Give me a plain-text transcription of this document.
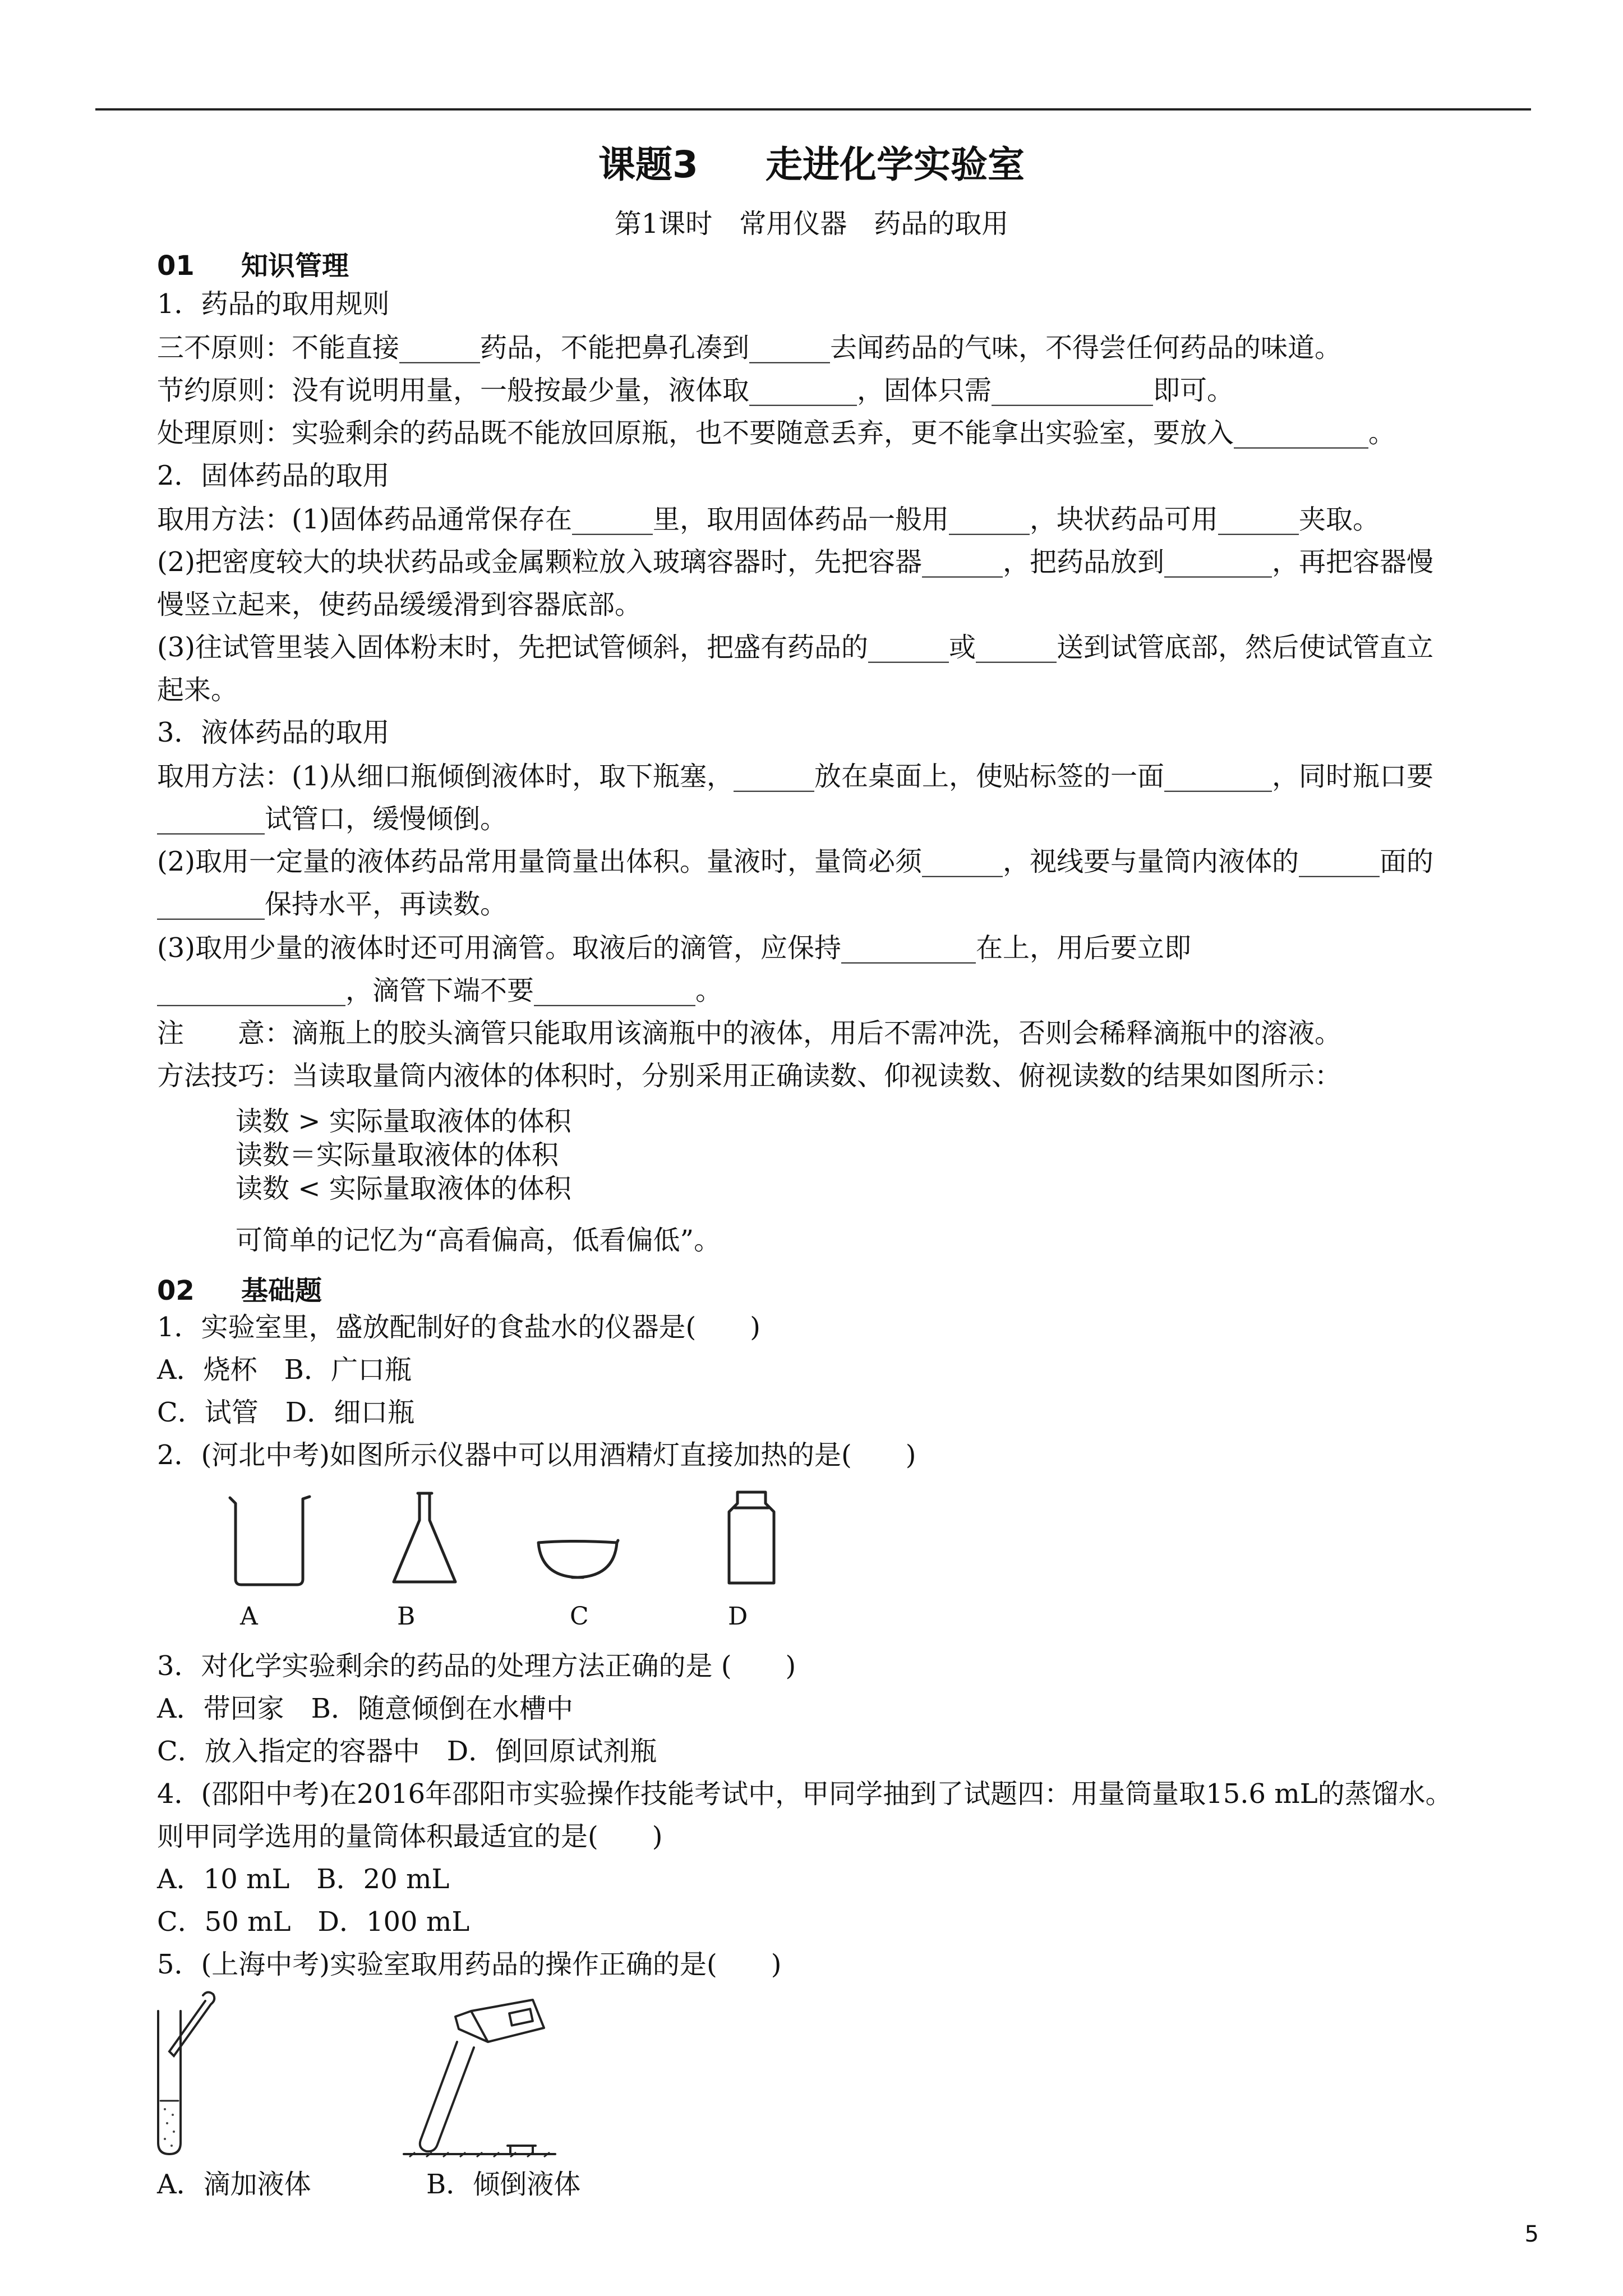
课题3 走进化学实验室
第1课时 常用仪器 药品的取用
01 知识管理
1．药品的取用规则
三不原则：不能直接______药品，不能把鼻孔凑到______去闻药品的气味，不得尝任何药品的味道。
节约原则：没有说明用量，一般按最少量，液体取________，固体只需____________即可。
处理原则：实验剩余的药品既不能放回原瓶，也不要随意丢弃，更不能拿出实验室，要放入__________。
2．固体药品的取用
取用方法：(1)固体药品通常保存在______里，取用固体药品一般用______，块状药品可用______夹取。
(2)把密度较大的块状药品或金属颗粒放入玻璃容器时，先把容器______，把药品放到________，再把容器慢
慢竖立起来，使药品缓缓滑到容器底部。
(3)往试管里装入固体粉末时，先把试管倾斜，把盛有药品的______或______送到试管底部，然后使试管直立
起来。
3．液体药品的取用
取用方法：(1)从细口瓶倾倒液体时，取下瓶塞，______放在桌面上，使贴标签的一面________，同时瓶口要
________试管口，缓慢倾倒。
(2)取用一定量的液体药品常用量筒量出体积。量液时，量筒必须______，视线要与量筒内液体的______面的
________保持水平，再读数。
(3)取用少量的液体时还可用滴管。取液后的滴管，应保持__________在上，用后要立即
______________，滴管下端不要____________。
注　　意：滴瓶上的胶头滴管只能取用该滴瓶中的液体，用后不需冲洗，否则会稀释滴瓶中的溶液。
方法技巧：当读取量筒内液体的体积时，分别采用正确读数、仰视读数、俯视读数的结果如图所示：
读数 > 实际量取液体的体积
读数＝实际量取液体的体积
读数 < 实际量取液体的体积
可简单的记忆为“高看偏高，低看偏低”。
02 基础题
1．实验室里，盛放配制好的食盐水的仪器是(　　)
A．烧杯　B．广口瓶
C．试管　D．细口瓶
2．(河北中考)如图所示仪器中可以用酒精灯直接加热的是(　　)
A	B	C	D
3．对化学实验剩余的药品的处理方法正确的是 (　　)
A．带回家　B．随意倾倒在水槽中
C．放入指定的容器中　D．倒回原试剂瓶
4．(邵阳中考)在2016年邵阳市实验操作技能考试中，甲同学抽到了试题四：用量筒量取15.6 mL的蒸馏水。
则甲同学选用的量筒体积最适宜的是(　　)
A．10 mL　B．20 mL
C．50 mL　D．100 mL
5．(上海中考)实验室取用药品的操作正确的是(　　)
A．滴加液体	B．倾倒液体
5
